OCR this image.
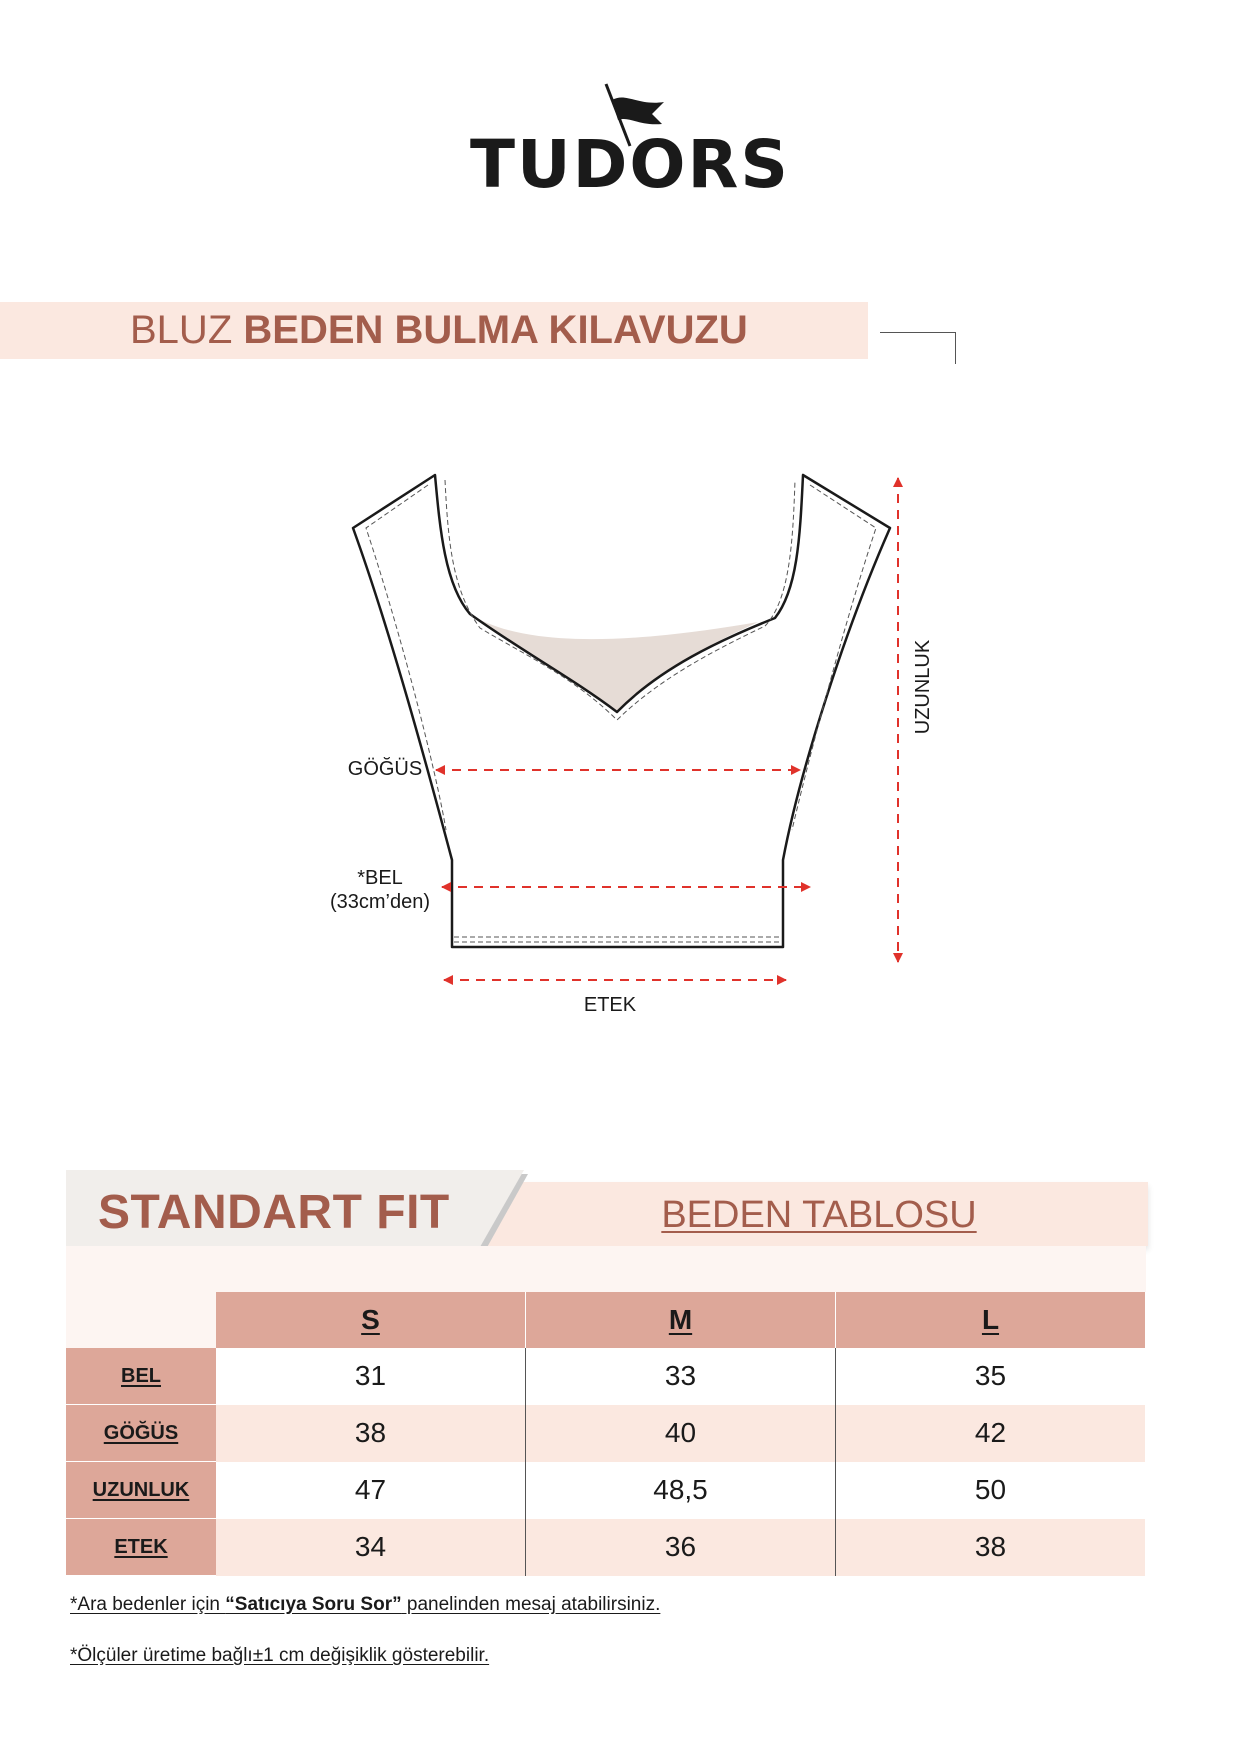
TUDORS
BLUZ BEDEN BULMA KILAVUZU
GÖĞÜS
*BEL
(33cm’den)
ETEK
UZUNLUK
BEDEN TABLOSU
STANDART FIT
	S	M	L
BEL	31	33	35
GÖĞÜS	38	40	42
UZUNLUK	47	48,5	50
ETEK	34	36	38
*Ara bedenler için “Satıcıya Soru Sor” panelinden mesaj atabilirsiniz.
*Ölçüler üretime bağlı±1 cm değişiklik gösterebilir.
